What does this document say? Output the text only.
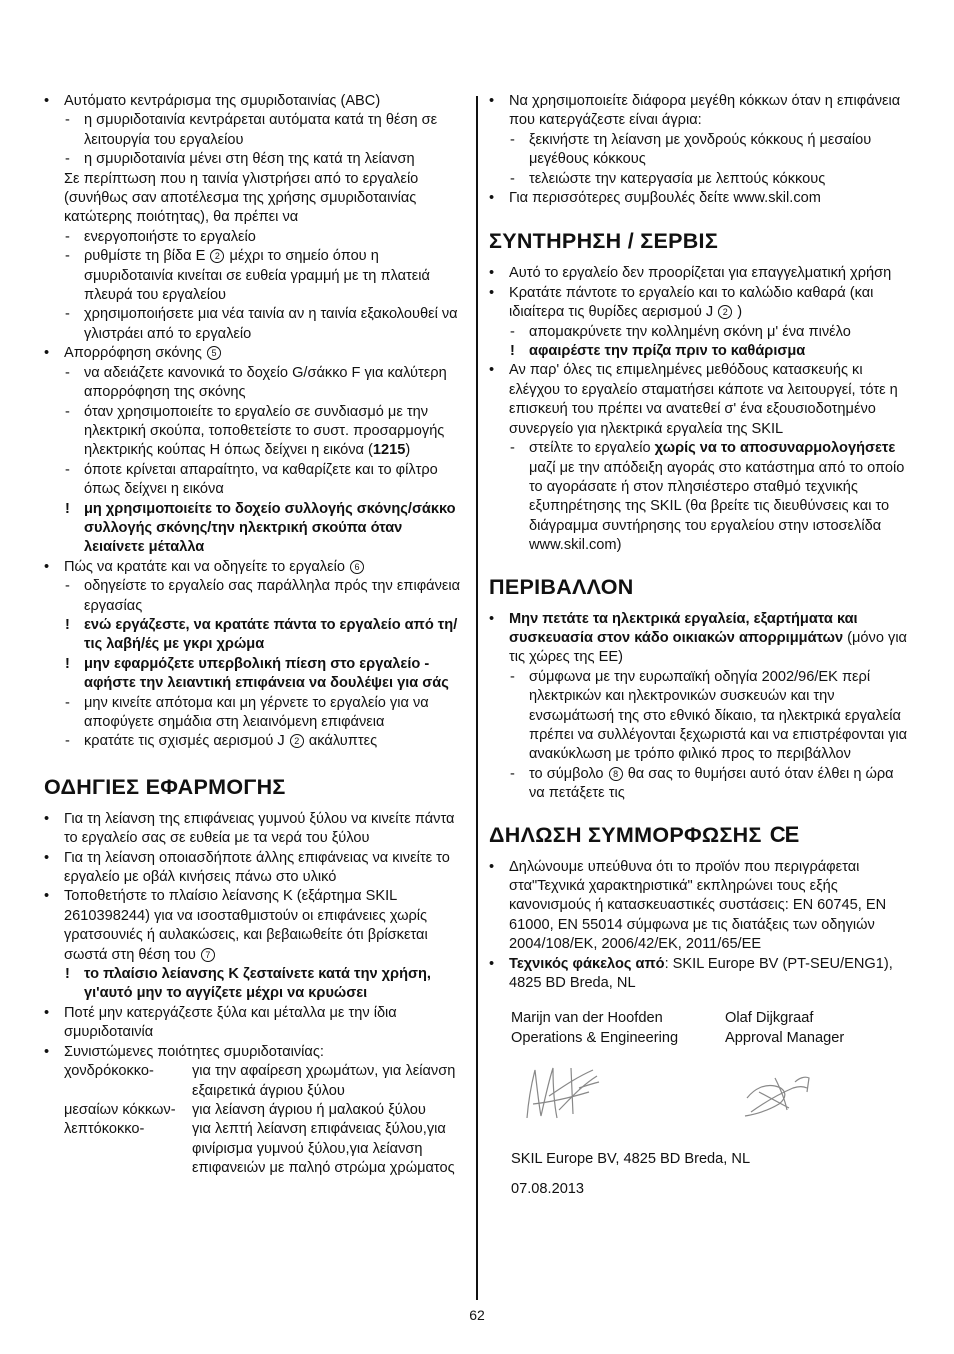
• Αυτόματο κεντράρισμα της σμυριδοταινίας (ABC)
- η σμυριδοταινία κεντράρεται αυτόματα κατά τη θέση σε λειτουργία του εργαλείου
- η σμυριδοταινία μένει στη θέση της κατά τη λείανση
Σε περίπτωση που η ταινία γλιστρήσει από το εργαλείο (συνήθως σαν αποτέλεσμα της χρήσης σμυριδοταινίας κατώτερης ποιότητας), θα πρέπει να
- ενεργοποιήστε το εργαλείο
- ρυθμίστε τη βίδα E 2 μέχρι το σημείο όπου η σμυριδοταινία κινείται σε ευθεία γραμμή με τη πλατειά πλευρά του εργαλείου
- χρησιμοποιήσετε μια νέα ταινία αν η ταινία εξακολουθεί να γλιστράει από το εργαλείο
• Απορρόφηση σκόνης 5
- να αδειάζετε κανονικά το δοχείο G/σάκκο F για καλύτερη απορρόφηση της σκόνης
- όταν χρησιμοποιείτε το εργαλείο σε συνδιασμό με την ηλεκτρική σκούπα, τοποθετείστε το συστ. προσαρμογής ηλεκτρικής κούπας H όπως δείχνει η εικόνα (1215)
- όποτε κρίνεται απαραίτητο, να καθαρίζετε και το φίλτρο όπως δείχνει η εικόνα
! μη χρησιμοποιείτε το δοχείο συλλογής σκόνης/σάκκο συλλογής σκόνης/την ηλεκτρική σκούπα όταν λειαίνετε μέταλλα
• Πώς να κρατάτε και να οδηγείτε το εργαλείο 6
- οδηγείστε το εργαλείο σας παράλληλα πρός την επιφάνεια εργασίας
! ενώ εργάζεστε, να κρατάτε πάντα το εργαλείο από τη/τις λαβή/ές με γκρι χρώμα
! μην εφαρμόζετε υπερβολική πίεση στο εργαλείο - αφήστε την λειαντική επιφάνεια να δουλέψει για σάς
- μην κινείτε απότομα και μη γέρνετε το εργαλείο για να αποφύγετε σημάδια στη λειαινόμενη επιφάνεια
- κρατάτε τις σχισμές αερισμού J 2 ακάλυπτες
ΟΔΗΓΙΕΣ ΕΦΑΡΜΟΓΗΣ
• Για τη λείανση της επιφάνειας γυμνού ξύλου να κινείτε πάντα το εργαλείο σας σε ευθεία με τα νερά του ξύλου
• Για τη λείανση οποιασδήποτε άλλης επιφάνειας να κινείτε το εργαλείο με οβάλ κινήσεις πάνω στο υλικό
• Τοποθετήστε το πλαίσιο λείανσης K (εξάρτημα SKIL 2610398244) για να ισοσταθμιστούν οι επιφάνειες χωρίς γρατσουνιές ή αυλακώσεις, και βεβαιωθείτε ότι βρίσκεται σωστά στη θέση του 7
! το πλαίσιο λείανσης K ζεσταίνετε κατά την χρήση, γι'αυτό μην το αγγίζετε μέχρι να κρυώσει
• Ποτέ μην κατεργάζεστε ξύλα και μέταλλα με την ίδια σμυριδοταινία
• Συνιστώμενες ποιότητες σμυριδοταινίας:
χονδρόκοκκο-	για την αφαίρεση χρωμάτων, για λείανση εξαιρετικά άγριου ξύλου
μεσαίων κόκκων-	για λείανση άγριου ή μαλακού ξύλου
λεπτόκοκκο-	για λεπτή λείανση επιφάνειας ξύλου,για φινίρισμα γυμνού ξύλου,για λείανση επιφανειών με παληό στρώμα χρώματος
• Να χρησιμοποιείτε διάφορα μεγέθη κόκκων όταν η επιφάνεια που κατεργάζεστε είναι άγρια:
- ξεκινήστε τη λείανση με χονδρούς κόκκους ή μεσαίου μεγέθους κόκκους
- τελειώστε την κατεργασία με λεπτούς κόκκους
• Για περισσότερες συμβουλές δείτε www.skil.com
ΣΥΝΤΗΡΗΣΗ / ΣΕΡΒΙΣ
• Αυτό το εργαλείο δεν προορίζεται για επαγγελματική χρήση
• Κρατάτε πάντοτε το εργαλείο και το καλώδιο καθαρά (και ιδιαίτερα τις θυρίδες αερισμού J 2 )
- απομακρύνετε την κολλημένη σκόνη μ' ένα πινέλο
! αφαιρέστε την πρίζα πριν το καθάρισμα
• Αν παρ' όλες τις επιμελημένες μεθόδους κατασκευής κι ελέγχου το εργαλείο σταματήσει κάποτε να λειτουργεί, τότε η επισκευή του πρέπει να ανατεθεί σ' ένα εξουσιοδοτημένο συνεργείο για ηλεκτρικά εργαλεία της SKIL
- στείλτε το εργαλείο χωρίς να το αποσυναρμολογήσετε μαζί με την απόδειξη αγοράς στο κατάστημα από το οποίο το αγοράσατε ή στον πλησιέστερο σταθμό τεχνικής εξυπηρέτησης της SKIL (θα βρείτε τις διευθύνσεις και το διάγραμμα συντήρησης του εργαλείου στην ιστοσελίδα www.skil.com)
ΠΕΡΙΒΑΛΛΟΝ
• Μην πετάτε τα ηλεκτρικά εργαλεία, εξαρτήματα και συσκευασία στον κάδο οικιακών απορριμμάτων (μόνο για τις χώρες της ΕΕ)
- σύμφωνα με την ευρωπαϊκή οδηγία 2002/96/ΕΚ περί ηλεκτρικών και ηλεκτρονικών συσκευών και την ενσωμάτωσή της στο εθνικό δίκαιο, τα ηλεκτρικά εργαλεία πρέπει να συλλέγονται ξεχωριστά και να επιστρέφονται για ανακύκλωση με τρόπο φιλικό προς το περιβάλλον
- το σύμβολο 8 θα σας το θυμήσει αυτό όταν έλθει η ώρα να πετάξετε τις
ΔΗΛΩΣΗ ΣΥΜΜΟΡΦΩΣΗΣ CE
• Δηλώνουμε υπεύθυνα ότι το προϊόν που περιγράφεται στα"Τεχνικά χαρακτηριστικά" εκπληρώνει τους εξής κανονισμούς ή κατασκευαστικές συστάσεις: EN 60745, EN 61000, EN 55014 σύμφωνα με τις διατάξεις των οδηγιών 2004/108/EK, 2006/42/EK, 2011/65/EE
• Τεχνικός φάκελος από: SKIL Europe BV (PT-SEU/ENG1), 4825 BD Breda, NL
Marijn van der Hoofden
Operations & Engineering
Olaf Dijkgraaf
Approval Manager
SKIL Europe BV, 4825 BD Breda, NL
07.08.2013
62
